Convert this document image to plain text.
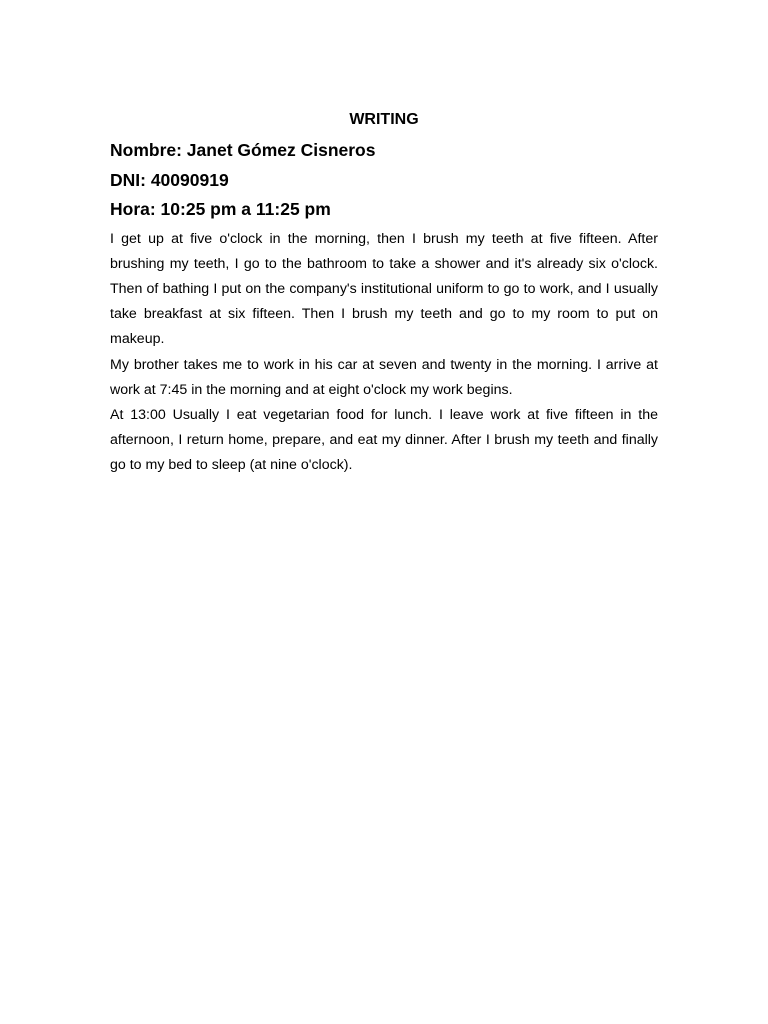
WRITING

Nombre: Janet Gómez Cisneros

DNI: 40090919

Hora: 10:25 pm a 11:25 pm

I get up at five o'clock in the morning, then I brush my teeth at five fifteen. After brushing my teeth, I go to the bathroom to take a shower and it's already six o'clock. Then of bathing I put on the company's institutional uniform to go to work, and I usually take breakfast at six fifteen. Then I brush my teeth and go to my room to put on makeup.

My brother takes me to work in his car at seven and twenty in the morning. I arrive at work at 7:45 in the morning and at eight o'clock my work begins.

At 13:00 Usually I eat vegetarian food for lunch. I leave work at five fifteen in the afternoon, I return home, prepare, and eat my dinner. After I brush my teeth and finally go to my bed to sleep (at nine o'clock).
